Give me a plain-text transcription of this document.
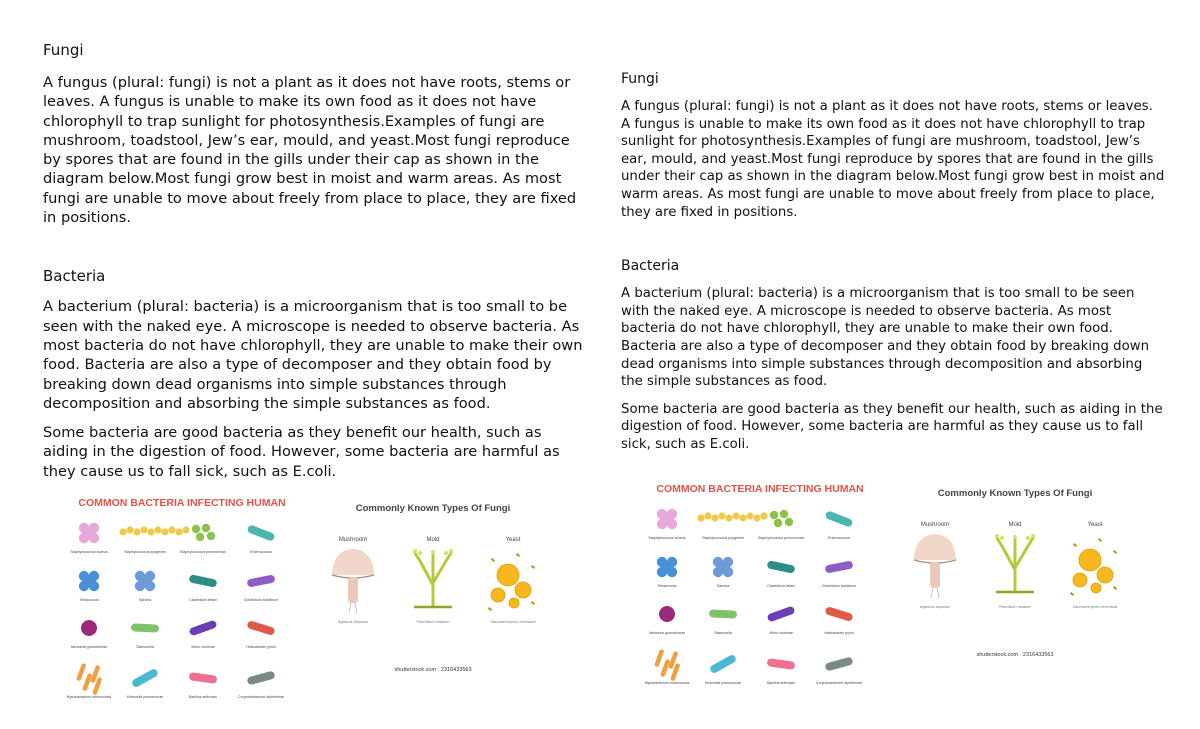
Fungi

A fungus (plural: fungi) is not a plant as it does not have roots, stems or leaves. A fungus is unable to make its own food as it does not have chlorophyll to trap sunlight for photosynthesis.Examples of fungi are mushroom, toadstool, Jew’s ear, mould, and yeast.Most fungi reproduce by spores that are found in the gills under their cap as shown in the diagram below.Most fungi grow best in moist and warm areas. As most fungi are unable to move about freely from place to place, they are fixed in positions.

Bacteria

A bacterium (plural: bacteria) is a microorganism that is too small to be seen with the naked eye. A microscope is needed to observe bacteria. As most bacteria do not have chlorophyll, they are unable to make their own food. Bacteria are also a type of decomposer and they obtain food by breaking down dead organisms into simple substances through decomposition and absorbing the simple substances as food.

Some bacteria are good bacteria as they benefit our health, such as aiding in the digestion of food. However, some bacteria are harmful as they cause us to fall sick, such as E.coli.

Fungi

A fungus (plural: fungi) is not a plant as it does not have roots, stems or leaves. A fungus is unable to make its own food as it does not have chlorophyll to trap sunlight for photosynthesis.Examples of fungi are mushroom, toadstool, Jew’s ear, mould, and yeast.Most fungi reproduce by spores that are found in the gills under their cap as shown in the diagram below.Most fungi grow best in moist and warm areas. As most fungi are unable to move about freely from place to place, they are fixed in positions.

Bacteria

A bacterium (plural: bacteria) is a microorganism that is too small to be seen with the naked eye. A microscope is needed to observe bacteria. As most bacteria do not have chlorophyll, they are unable to make their own food. Bacteria are also a type of decomposer and they obtain food by breaking down dead organisms into simple substances through decomposition and absorbing the simple substances as food.

Some bacteria are good bacteria as they benefit our health, such as aiding in the digestion of food. However, some bacteria are harmful as they cause us to fall sick, such as E.coli.

COMMON BACTERIA INFECTING HUMAN
Staphylococcus aureus	Staphylococcus pyogenes	Staphylococcus pneumoniae	Enterococcus
Tetracoccus	Sarcina	Clostridium tetani	Clostridium botulinum
Neisseria gonorrhoeae	Salmonella	Vibrio cholerae	Helicobacter pylori
Mycobacterium tuberculosis	Klebsiella pneumoniae	Bacillus anthracis	Corynebacterium diphtheriae
Commonly Known Types Of Fungi
Mushroom
Agaricus bisporus
Mold
Penicillium notatum
Yeast
Saccharomyces cerevisiae
shutterstock.com · 2316433563
COMMON BACTERIA INFECTING HUMAN
Staphylococcus aureus	Staphylococcus pyogenes	Staphylococcus pneumoniae	Enterococcus
Tetracoccus	Sarcina	Clostridium tetani	Clostridium botulinum
Neisseria gonorrhoeae	Salmonella	Vibrio cholerae	Helicobacter pylori
Mycobacterium tuberculosis	Klebsiella pneumoniae	Bacillus anthracis	Corynebacterium diphtheriae
Commonly Known Types Of Fungi
Mushroom
Agaricus bisporus
Mold
Penicillium notatum
Yeast
Saccharomyces cerevisiae
shutterstock.com · 2316433563
